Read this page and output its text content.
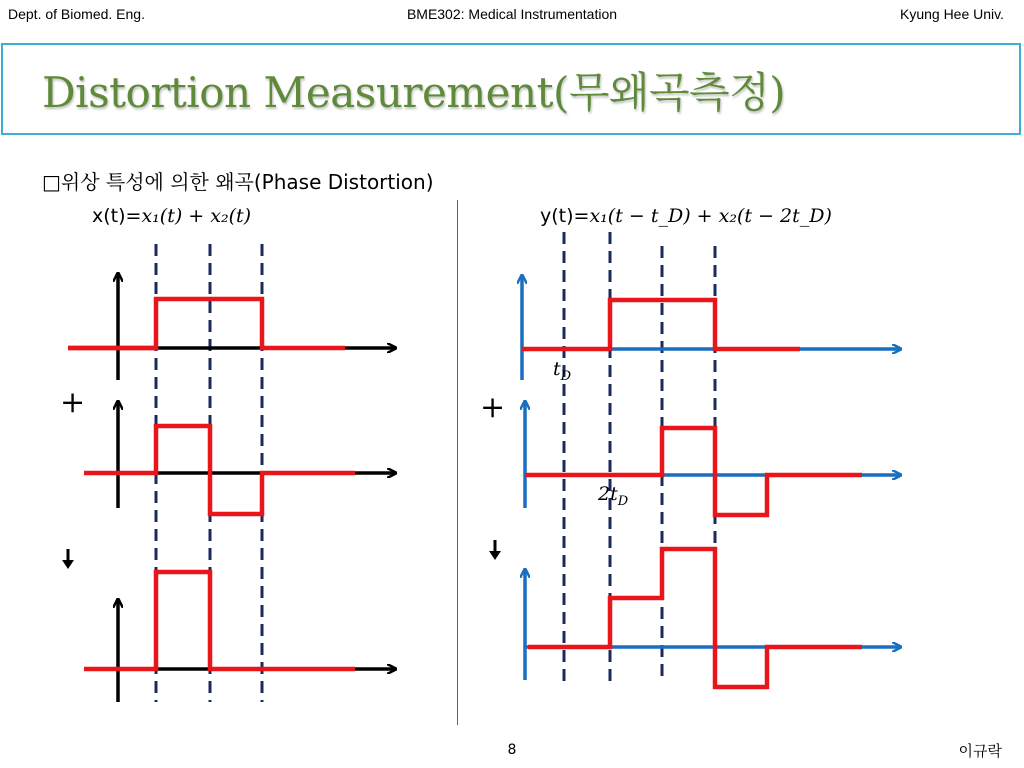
Dept. of Biomed. Eng.	BME302: Medical Instrumentation	Kyung Hee Univ.
Distortion Measurement(무왜곡측정)
□위상 특성에 의한 왜곡(Phase Distortion)
x(t)=𝑥₁(𝑡) + 𝑥₂(𝑡)	y(t)=𝑥₁(𝑡 − 𝑡_D) + 𝑥₂(𝑡 − 2𝑡_D)
+
$t_D$
+
$2t_D$
8	이규락
